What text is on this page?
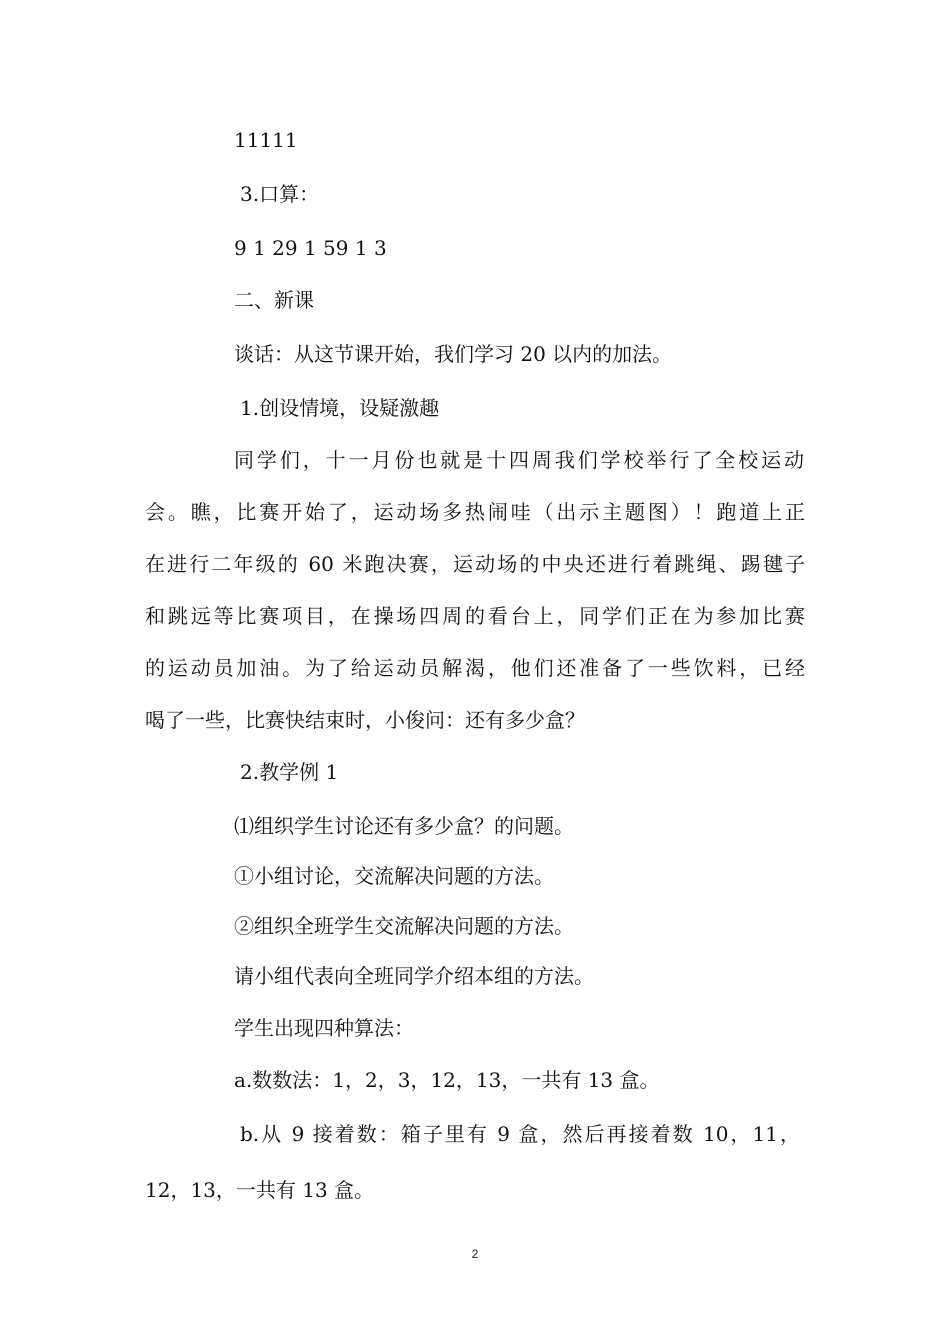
11111
3.口算：
9 1 29 1 59 1 3
二、新课
谈话：从这节课开始，我们学习 20 以内的加法。
1.创设情境，设疑激趣
同学们，十一月份也就是十四周我们学校举行了全校运动
会。瞧，比赛开始了，运动场多热闹哇（出示主题图）！跑道上正
在进行二年级的 60 米跑决赛，运动场的中央还进行着跳绳、踢毽子
和跳远等比赛项目，在操场四周的看台上，同学们正在为参加比赛
的运动员加油。为了给运动员解渴，他们还准备了一些饮料，已经
喝了一些，比赛快结束时，小俊问：还有多少盒？
2.教学例 1
⑴组织学生讨论还有多少盒？的问题。
①小组讨论，交流解决问题的方法。
②组织全班学生交流解决问题的方法。
请小组代表向全班同学介绍本组的方法。
学生出现四种算法：
a.数数法：1，2，3，12，13，一共有 13 盒。
b.从 9 接着数：箱子里有 9 盒，然后再接着数 10，11，
12，13，一共有 13 盒。
2
